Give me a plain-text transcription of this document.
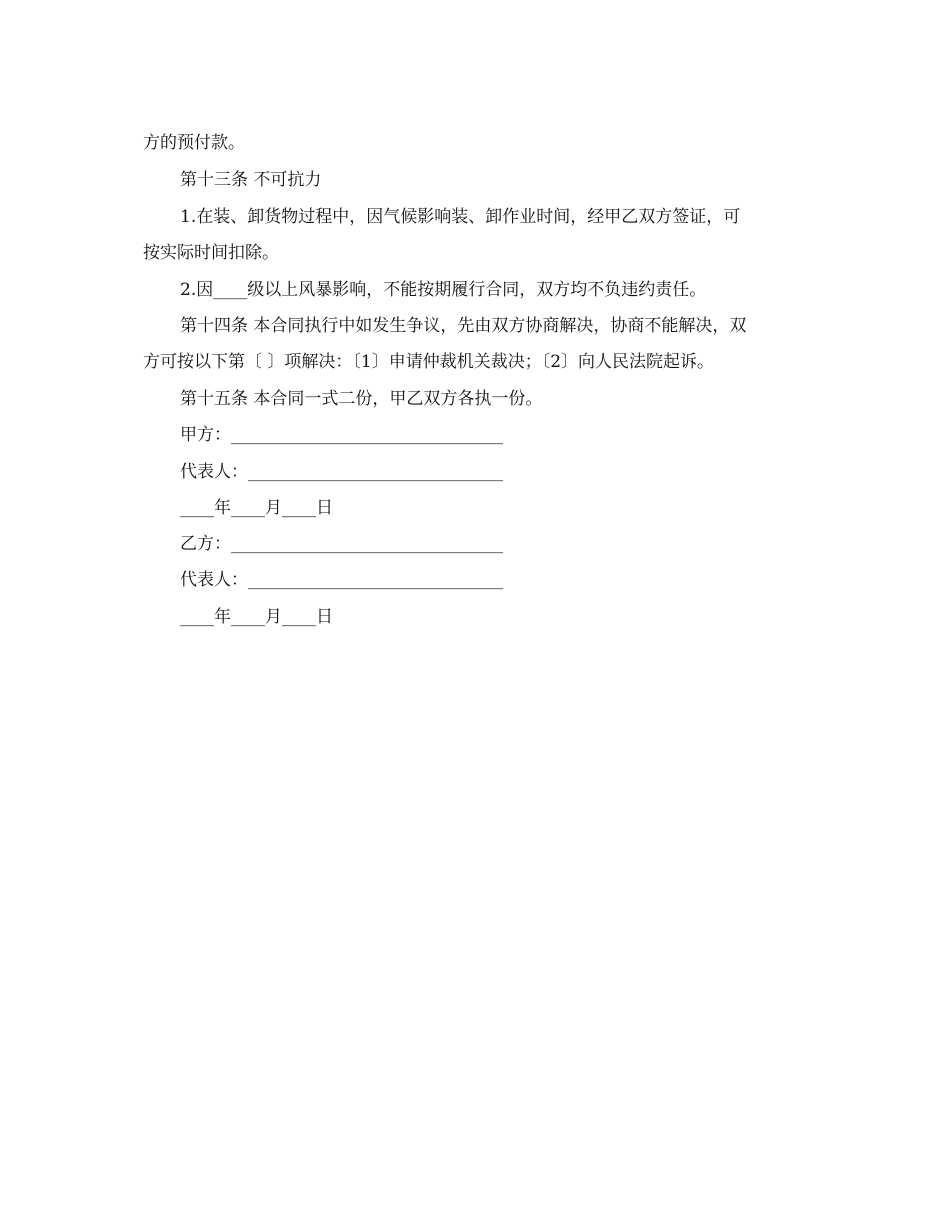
方的预付款。
第十三条 不可抗力
1.在装、卸货物过程中，因气候影响装、卸作业时间，经甲乙双方签证，可
按实际时间扣除。
2.因____级以上风暴影响，不能按期履行合同，双方均不负违约责任。
第十四条 本合同执行中如发生争议，先由双方协商解决，协商不能解决，双
方可按以下第〔 〕项解决：〔1〕申请仲裁机关裁决；〔2〕向人民法院起诉。
第十五条 本合同一式二份，甲乙双方各执一份。
甲方：________________________________
代表人：______________________________
____年____月____日
乙方：________________________________
代表人：______________________________
____年____月____日
